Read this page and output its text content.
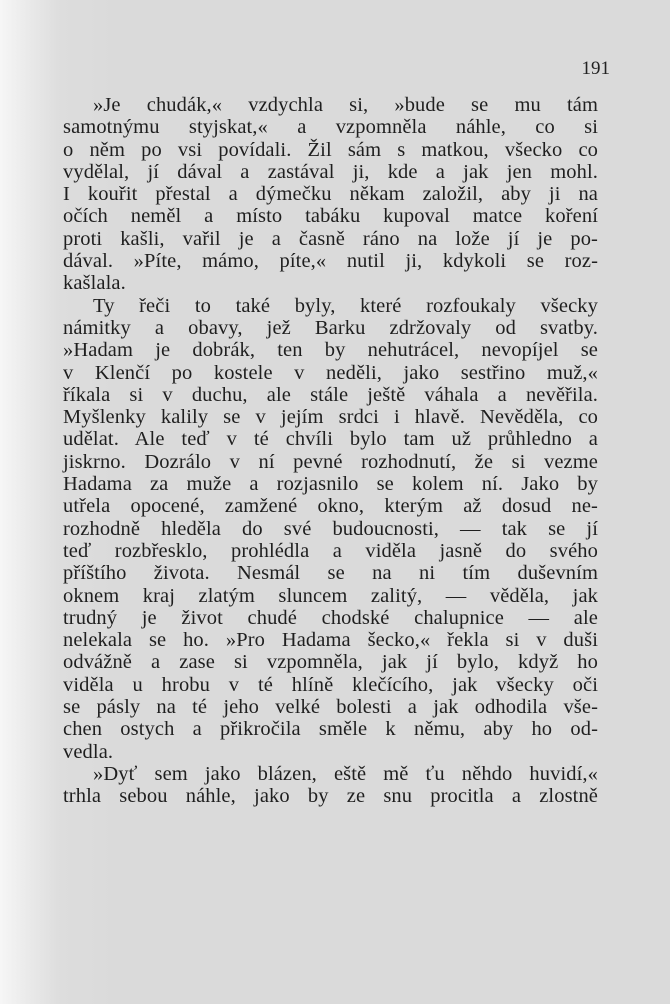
191
»Je chudák,« vzdychla si, »bude se mu tám
samotnýmu styjskat,« a vzpomněla náhle, co si
o něm po vsi povídali. Žil sám s matkou, všecko co
vydělal, jí dával a zastával ji, kde a jak jen mohl.
I kouřit přestal a dýmečku někam založil, aby ji na
očích neměl a místo tabáku kupoval matce koření
proti kašli, vařil je a časně ráno na lože jí je po-
dával. »Píte, mámo, píte,« nutil ji, kdykoli se roz-
kašlala.
Ty řeči to také byly, které rozfoukaly všecky
námitky a obavy, jež Barku zdržovaly od svatby.
»Hadam je dobrák, ten by nehutrácel, nevopíjel se
v Klenčí po kostele v neděli, jako sestřino muž,«
říkala si v duchu, ale stále ještě váhala a nevěřila.
Myšlenky kalily se v jejím srdci i hlavě. Nevěděla, co
udělat. Ale teď v té chvíli bylo tam už průhledno a
jiskrno. Dozrálo v ní pevné rozhodnutí, že si vezme
Hadama za muže a rozjasnilo se kolem ní. Jako by
utřela opocené, zamžené okno, kterým až dosud ne-
rozhodně hleděla do své budoucnosti, — tak se jí
teď rozbřesklo, prohlédla a viděla jasně do svého
příštího života. Nesmál se na ni tím duševním
oknem kraj zlatým sluncem zalitý, — věděla, jak
trudný je život chudé chodské chalupnice — ale
nelekala se ho. »Pro Hadama šecko,« řekla si v duši
odvážně a zase si vzpomněla, jak jí bylo, když ho
viděla u hrobu v té hlíně klečícího, jak všecky oči
se pásly na té jeho velké bolesti a jak odhodila vše-
chen ostych a přikročila směle k němu, aby ho od-
vedla.
»Dyť sem jako blázen, eště mě ťu něhdo huvidí,«
trhla sebou náhle, jako by ze snu procitla a zlostně
